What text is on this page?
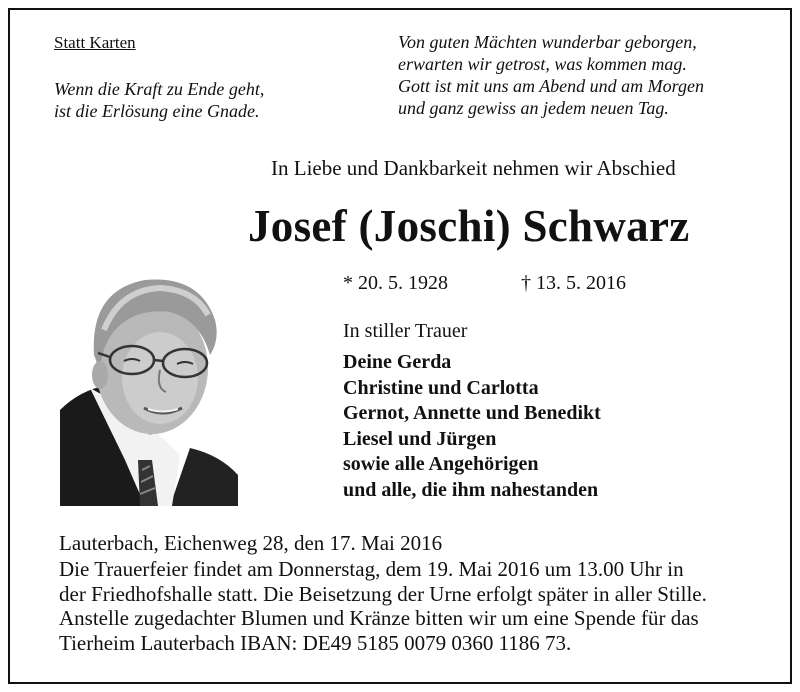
Statt Karten
Wenn die Kraft zu Ende geht,
ist die Erlösung eine Gnade.
Von guten Mächten wunderbar geborgen,
erwarten wir getrost, was kommen mag.
Gott ist mit uns am Abend und am Morgen
und ganz gewiss an jedem neuen Tag.
In Liebe und Dankbarkeit nehmen wir Abschied
Josef (Joschi) Schwarz
* 20. 5. 1928	† 13. 5. 2016
In stiller Trauer
Deine Gerda
Christine und Carlotta
Gernot, Annette und Benedikt
Liesel und Jürgen
sowie alle Angehörigen
und alle, die ihm nahestanden
Lauterbach, Eichenweg 28, den 17. Mai 2016
Die Trauerfeier findet am Donnerstag, dem 19. Mai 2016 um 13.00 Uhr in
der Friedhofshalle statt. Die Beisetzung der Urne erfolgt später in aller Stille.
Anstelle zugedachter Blumen und Kränze bitten wir um eine Spende für das
Tierheim Lauterbach IBAN: DE49 5185 0079 0360 1186 73.
